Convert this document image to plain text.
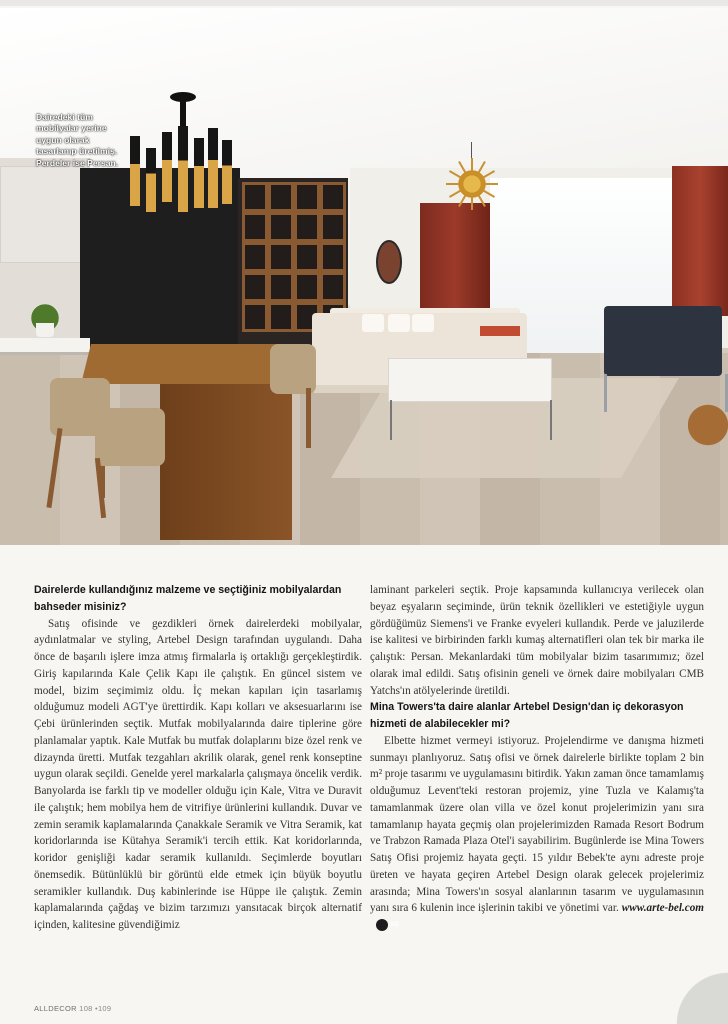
Dairedeki tüm
mobilyalar yerine
uygun olarak
tasarlanıp üretilmiş.
Perdeler ise Persan.

Dairelerde kullandığınız malzeme ve seçtiğiniz mobilyalardan bahseder misiniz?

Satış ofisinde ve gezdikleri örnek dairelerdeki mobilyalar, aydınlatmalar ve styling, Artebel Design tarafından uygulandı. Daha önce de başarılı işlere imza atmış firmalarla iş ortaklığı gerçekleştirdik. Giriş kapılarında Kale Çelik Kapı ile çalıştık. En güncel sistem ve model, bizim seçimimiz oldu. İç mekan kapıları için tasarlamış olduğumuz modeli AGT'ye ürettirdik. Kapı kolları ve aksesuarlarını ise Çebi ürünlerinden seçtik. Mutfak mobilyalarında daire tiplerine göre planlamalar yaptık. Kale Mutfak bu mutfak dolaplarını bize özel renk ve dizaynda üretti. Mutfak tezgahları akrilik olarak, genel renk konseptine uygun olarak seçildi. Genelde yerel markalarla çalışmaya öncelik verdik. Banyolarda ise farklı tip ve modeller olduğu için Kale, Vitra ve Duravit ile çalıştık; hem mobilya hem de vitrifiye ürünlerini kullandık. Duvar ve zemin seramik kaplamalarında Çanakkale Seramik ve Vitra Seramik, kat koridorlarında ise Kütahya Seramik'i tercih ettik. Kat koridorlarında, koridor genişliği kadar seramik kullanıldı. Seçimlerde boyutları önemsedik. Bütünlüklü bir görüntü elde etmek için büyük boyutlu seramikler kullandık. Duş kabinlerinde ise Hüppe ile çalıştık. Zemin kaplamalarında çağdaş ve bizim tarzımızı yansıtacak birçok alternatif içinden, kalitesine güvendiğimiz

laminant parkeleri seçtik. Proje kapsamında kullanıcıya verilecek olan beyaz eşyaların seçiminde, ürün teknik özellikleri ve estetiğiyle uygun gördüğümüz Siemens'i ve Franke evyeleri kullandık. Perde ve jaluzilerde ise kalitesi ve birbirinden farklı kumaş alternatifleri olan tek bir marka ile çalıştık: Persan. Mekanlardaki tüm mobilyalar bizim tasarımımız; özel olarak imal edildi. Satış ofisinin geneli ve örnek daire mobilyaları CMB Yatchs'ın atölyelerinde üretildi.

Mina Towers'ta daire alanlar Artebel Design'dan iç dekorasyon hizmeti de alabilecekler mi?

Elbette hizmet vermeyi istiyoruz. Projelendirme ve danışma hizmeti sunmayı planlıyoruz. Satış ofisi ve örnek dairelerle birlikte toplam 2 bin m² proje tasarımı ve uygulamasını bitirdik. Yakın zaman önce tamamlamış olduğumuz Levent'teki restoran projemiz, yine Tuzla ve Kalamış'ta tamamlanmak üzere olan villa ve özel konut projelerimizin yanı sıra tamamlanıp hayata geçmiş olan projelerimizden Ramada Resort Bodrum ve Trabzon Ramada Plaza Otel'i sayabilirim. Bugünlerde ise Mina Towers Satış Ofisi projemiz hayata geçti. 15 yıldır Bebek'te aynı adreste proje üreten ve hayata geçiren Artebel Design olarak gelecek projelerimiz arasında; Mina Towers'ın sosyal alanlarının tasarım ve uygulamasının yanı sıra 6 kulenin ince işlerinin takibi ve yönetimi var. www.arte-bel.comAD

ALLDECOR 108 •109
